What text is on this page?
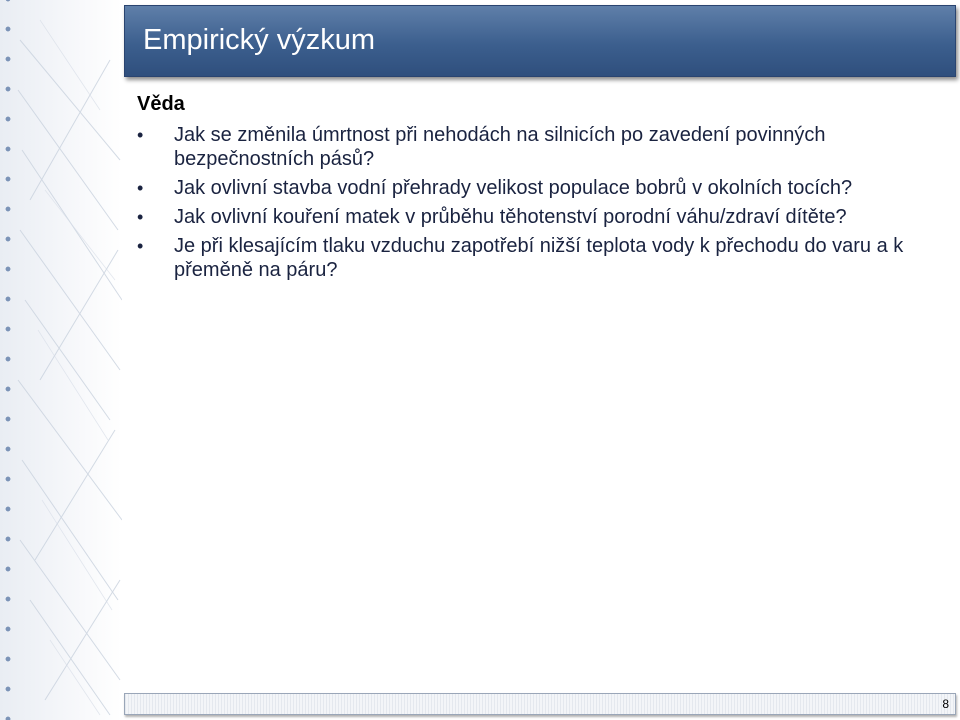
Empirický výzkum
Věda
•	Jak se změnila úmrtnost při nehodách na silnicích po zavedení povinných bezpečnostních pásů?
•	Jak ovlivní stavba vodní přehrady velikost populace bobrů v okolních tocích?
•	Jak ovlivní kouření matek v průběhu těhotenství porodní váhu/zdraví dítěte?
•	Je při klesajícím tlaku vzduchu zapotřebí nižší teplota vody k přechodu do varu a k přeměně na páru?
8
